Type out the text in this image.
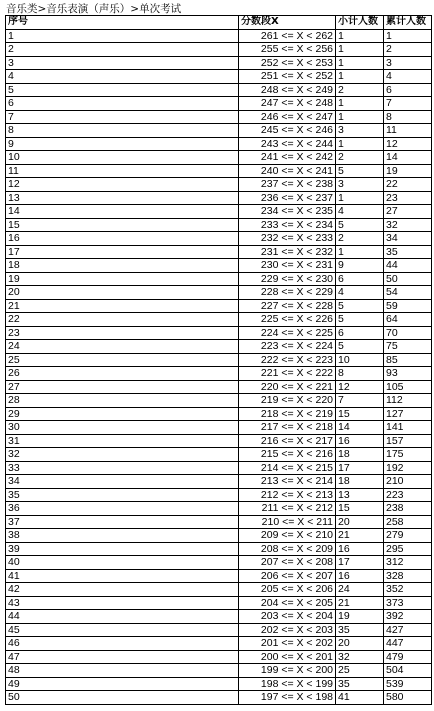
音乐类>音乐表演（声乐）>单次考试
序号	分数段X	小计人数	累计人数
1	261 <= X < 262	1	1
2	255 <= X < 256	1	2
3	252 <= X < 253	1	3
4	251 <= X < 252	1	4
5	248 <= X < 249	2	6
6	247 <= X < 248	1	7
7	246 <= X < 247	1	8
8	245 <= X < 246	3	11
9	243 <= X < 244	1	12
10	241 <= X < 242	2	14
11	240 <= X < 241	5	19
12	237 <= X < 238	3	22
13	236 <= X < 237	1	23
14	234 <= X < 235	4	27
15	233 <= X < 234	5	32
16	232 <= X < 233	2	34
17	231 <= X < 232	1	35
18	230 <= X < 231	9	44
19	229 <= X < 230	6	50
20	228 <= X < 229	4	54
21	227 <= X < 228	5	59
22	225 <= X < 226	5	64
23	224 <= X < 225	6	70
24	223 <= X < 224	5	75
25	222 <= X < 223	10	85
26	221 <= X < 222	8	93
27	220 <= X < 221	12	105
28	219 <= X < 220	7	112
29	218 <= X < 219	15	127
30	217 <= X < 218	14	141
31	216 <= X < 217	16	157
32	215 <= X < 216	18	175
33	214 <= X < 215	17	192
34	213 <= X < 214	18	210
35	212 <= X < 213	13	223
36	211 <= X < 212	15	238
37	210 <= X < 211	20	258
38	209 <= X < 210	21	279
39	208 <= X < 209	16	295
40	207 <= X < 208	17	312
41	206 <= X < 207	16	328
42	205 <= X < 206	24	352
43	204 <= X < 205	21	373
44	203 <= X < 204	19	392
45	202 <= X < 203	35	427
46	201 <= X < 202	20	447
47	200 <= X < 201	32	479
48	199 <= X < 200	25	504
49	198 <= X < 199	35	539
50	197 <= X < 198	41	580
